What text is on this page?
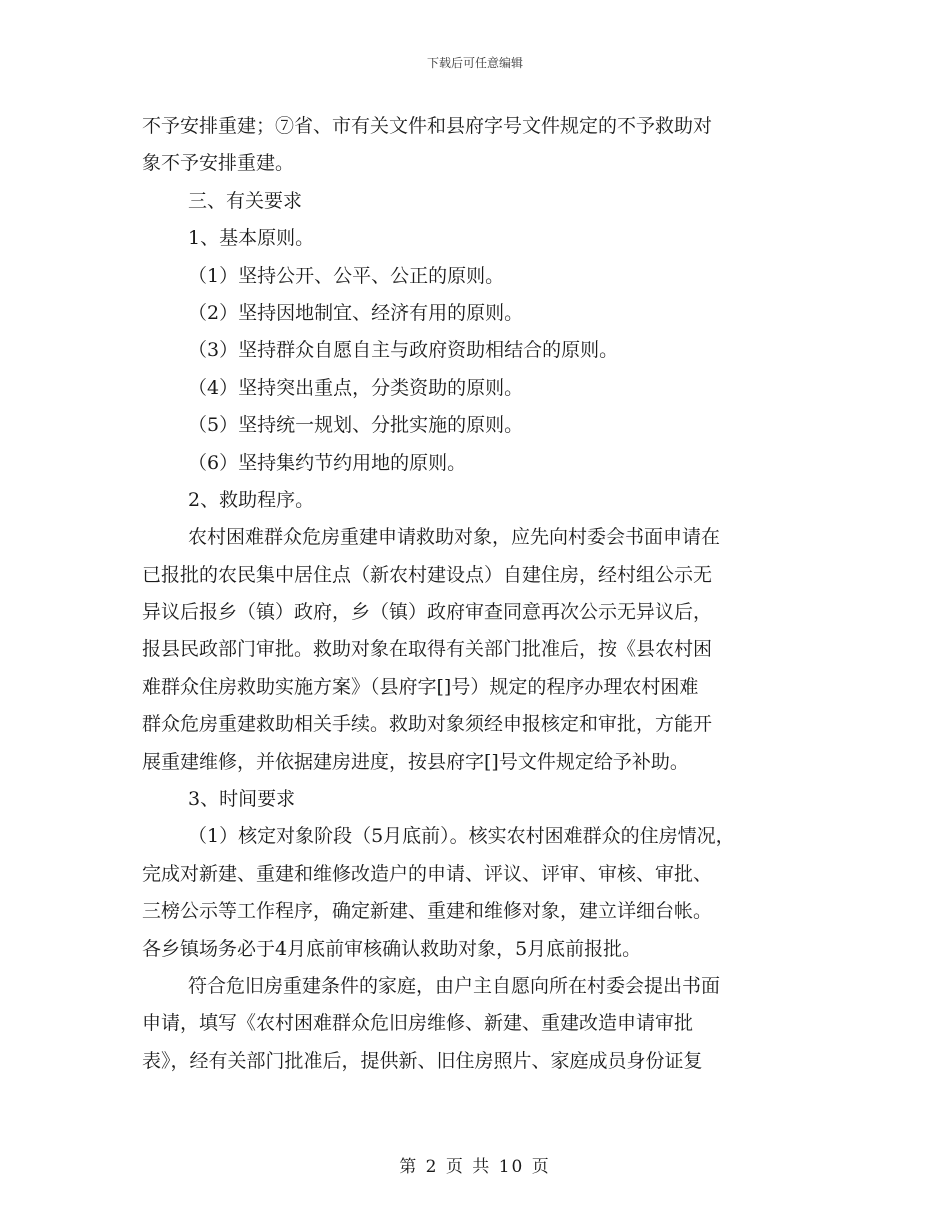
下载后可任意编辑
不予安排重建；⑦省、市有关文件和县府字号文件规定的不予救助对
象不予安排重建。
三、有关要求
1、基本原则。
（1）坚持公开、公平、公正的原则。
（2）坚持因地制宜、经济有用的原则。
（3）坚持群众自愿自主与政府资助相结合的原则。
（4）坚持突出重点，分类资助的原则。
（5）坚持统一规划、分批实施的原则。
（6）坚持集约节约用地的原则。
2、救助程序。
农村困难群众危房重建申请救助对象，应先向村委会书面申请在
已报批的农民集中居住点（新农村建设点）自建住房，经村组公示无
异议后报乡（镇）政府，乡（镇）政府审查同意再次公示无异议后，
报县民政部门审批。救助对象在取得有关部门批准后，按《县农村困
难群众住房救助实施方案》（县府字[]号）规定的程序办理农村困难
群众危房重建救助相关手续。救助对象须经申报核定和审批，方能开
展重建维修，并依据建房进度，按县府字[]号文件规定给予补助。
3、时间要求
（1）核定对象阶段（5月底前）。核实农村困难群众的住房情况，
完成对新建、重建和维修改造户的申请、评议、评审、审核、审批、
三榜公示等工作程序，确定新建、重建和维修对象，建立详细台帐。
各乡镇场务必于4月底前审核确认救助对象，5月底前报批。
符合危旧房重建条件的家庭，由户主自愿向所在村委会提出书面
申请，填写《农村困难群众危旧房维修、新建、重建改造申请审批
表》，经有关部门批准后，提供新、旧住房照片、家庭成员身份证复
第 2 页 共 10 页
